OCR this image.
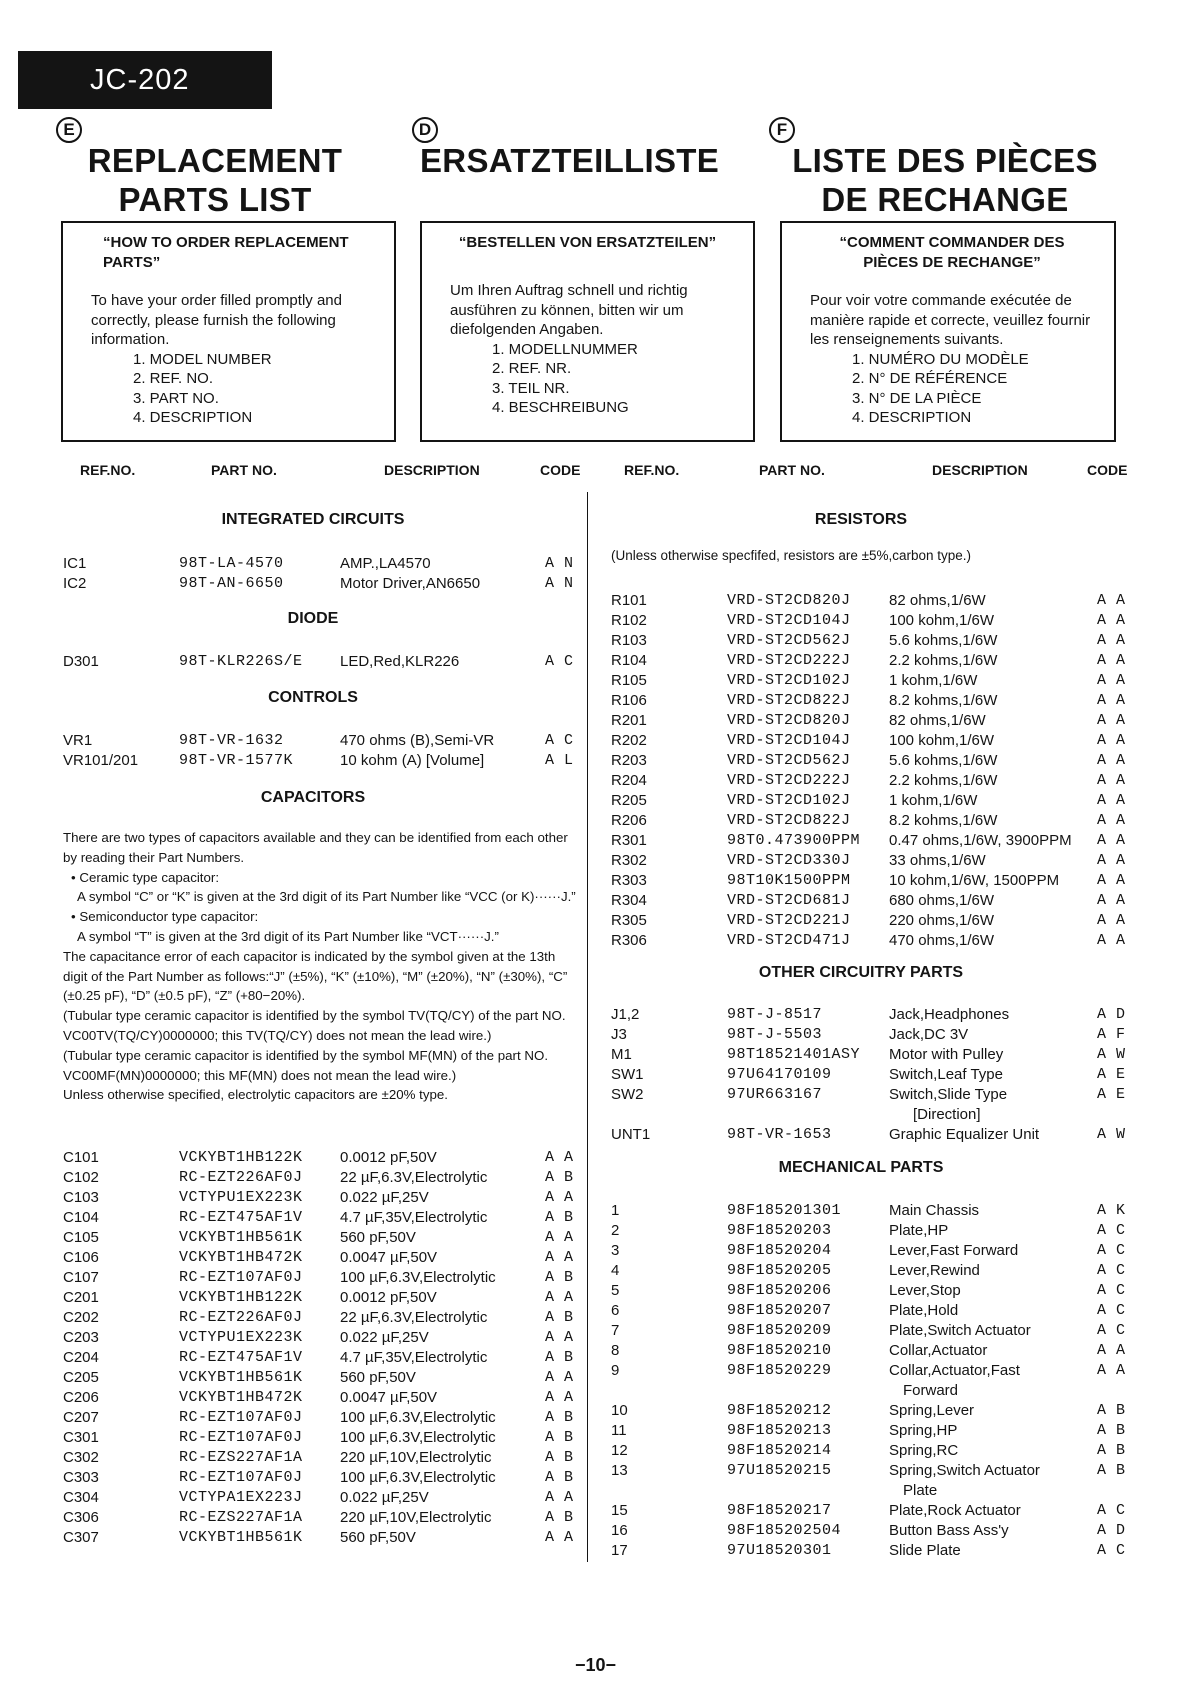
JC-202
E	D	F
REPLACEMENT PARTS LIST
ERSATZTEILLISTE	LISTE DES PIÈCES DE RECHANGE
“HOW TO ORDER REPLACEMENT PARTS”
To have your order filled promptly and correctly, please furnish the following information.
1. MODEL NUMBER
2. REF. NO.
3. PART NO.
4. DESCRIPTION
“BESTELLEN VON ERSATZTEILEN”
Um Ihren Auftrag schnell und richtig ausführen zu können, bitten wir um diefolgenden Angaben.
1. MODELLNUMMER
2. REF. NR.
3. TEIL NR.
4. BESCHREIBUNG
“COMMENT COMMANDER DES PIÈCES DE RECHANGE”
Pour voir votre commande exécutée de manière rapide et correcte, veuillez fournir les renseignements suivants.
1. NUMÉRO DU MODÈLE
2. N° DE RÉFÉRENCE
3. N° DE LA PIÈCE
4. DESCRIPTION
REF.NO.	PART NO.	DESCRIPTION	CODE	REF.NO.	PART NO.	DESCRIPTION	CODE
INTEGRATED CIRCUITS
DIODE
CONTROLS
CAPACITORS
RESISTORS
OTHER CIRCUITRY PARTS
MECHANICAL PARTS

There are two types of capacitors available and they can be identified from each other by reading their Part Numbers.

• Ceramic type capacitor:

A symbol “C” or “K” is given at the 3rd digit of its Part Number like “VCC (or K)······J.”

• Semiconductor type capacitor:

A symbol “T” is given at the 3rd digit of its Part Number like “VCT······J.”

The capacitance error of each capacitor is indicated by the symbol given at the 13th digit of the Part Number as follows:“J” (±5%), “K” (±10%), “M” (±20%), “N” (±30%), “C” (±0.25 pF), “D” (±0.5 pF), “Z” (+80−20%).

(Tubular type ceramic capacitor is identified by the symbol TV(TQ/CY) of the part NO. VC00TV(TQ/CY)0000000; this TV(TQ/CY) does not mean the lead wire.)

(Tubular type ceramic capacitor is identified by the symbol MF(MN) of the part NO. VC00MF(MN)0000000; this MF(MN) does not mean the lead wire.)

Unless otherwise specified, electrolytic capacitors are ±20% type.

(Unless otherwise specfifed, resistors are ±5%,carbon type.)
IC1	98T-LA-4570	AMP.,LA4570	A N
IC2	98T-AN-6650	Motor Driver,AN6650	A N
D301	98T-KLR226S/E LED,Red,KLR226	A C
VR1	98T-VR-1632	470 ohms (B),Semi-VR	A C
VR101/201	98T-VR-1577K	10 kohm (A) [Volume]	A L
C101	VCKYBT1HB122K 0.0012 pF,50V	A A
C102	RC-EZT226AF0J 22 µF,6.3V,Electrolytic	A B
C103	VCTYPU1EX223K 0.022 µF,25V	A A
C104	RC-EZT475AF1V 4.7 µF,35V,Electrolytic	A B
C105	VCKYBT1HB561K 560 pF,50V	A A
C106	VCKYBT1HB472K 0.0047 µF,50V	A A
C107	RC-EZT107AF0J 100 µF,6.3V,Electrolytic	A B
C201	VCKYBT1HB122K 0.0012 pF,50V	A A
C202	RC-EZT226AF0J 22 µF,6.3V,Electrolytic	A B
C203	VCTYPU1EX223K 0.022 µF,25V	A A
C204	RC-EZT475AF1V 4.7 µF,35V,Electrolytic	A B
C205	VCKYBT1HB561K 560 pF,50V	A A
C206	VCKYBT1HB472K 0.0047 µF,50V	A A
C207	RC-EZT107AF0J 100 µF,6.3V,Electrolytic	A B
C301	RC-EZT107AF0J 100 µF,6.3V,Electrolytic	A B
C302	RC-EZS227AF1A 220 µF,10V,Electrolytic	A B
C303	RC-EZT107AF0J 100 µF,6.3V,Electrolytic	A B
C304	VCTYPA1EX223J 0.022 µF,25V	A A
C306	RC-EZS227AF1A 220 µF,10V,Electrolytic	A B
C307	VCKYBT1HB561K 560 pF,50V	A A
R101	VRD-ST2CD820J	82 ohms,1/6W	A A
R102	VRD-ST2CD104J	100 kohm,1/6W	A A
R103	VRD-ST2CD562J	5.6 kohms,1/6W	A A
R104	VRD-ST2CD222J	2.2 kohms,1/6W	A A
R105	VRD-ST2CD102J	1 kohm,1/6W	A A
R106	VRD-ST2CD822J	8.2 kohms,1/6W	A A
R201	VRD-ST2CD820J	82 ohms,1/6W	A A
R202	VRD-ST2CD104J	100 kohm,1/6W	A A
R203	VRD-ST2CD562J	5.6 kohms,1/6W	A A
R204	VRD-ST2CD222J	2.2 kohms,1/6W	A A
R205	VRD-ST2CD102J	1 kohm,1/6W	A A
R206	VRD-ST2CD822J	8.2 kohms,1/6W	A A
R301	98T0.473900PPM 0.47 ohms,1/6W, 3900PPM A A
R302	VRD-ST2CD330J	33 ohms,1/6W	A A
R303	98T10K1500PPM	10 kohm,1/6W, 1500PPM	A A
R304	VRD-ST2CD681J	680 ohms,1/6W	A A
R305	VRD-ST2CD221J	220 ohms,1/6W	A A
R306	VRD-ST2CD471J	470 ohms,1/6W	A A
J1,2	98T-J-8517	Jack,Headphones	A D
J3	98T-J-5503	Jack,DC 3V	A F
M1	98T18521401ASY Motor with Pulley	A W
SW1	97U64170109	Switch,Leaf Type	A E
SW2	97UR663167	Switch,Slide Type	A E
[Direction]
UNT1	98T-VR-1653	Graphic Equalizer Unit	A W
1	98F185201301	Main Chassis	A K
2	98F18520203	Plate,HP	A C
3	98F18520204	Lever,Fast Forward	A C
4	98F18520205	Lever,Rewind	A C
5	98F18520206	Lever,Stop	A C
6	98F18520207	Plate,Hold	A C
7	98F18520209	Plate,Switch Actuator	A C
8	98F18520210	Collar,Actuator	A A
9	98F18520229	Collar,Actuator,Fast	A A
Forward
10	98F18520212	Spring,Lever	A B
11	98F18520213	Spring,HP	A B
12	98F18520214	Spring,RC	A B
13	97U18520215	Spring,Switch Actuator	A B
Plate
15	98F18520217	Plate,Rock Actuator	A C
16	98F185202504	Button Bass Ass'y	A D
17	97U18520301	Slide Plate	A C
−10−
